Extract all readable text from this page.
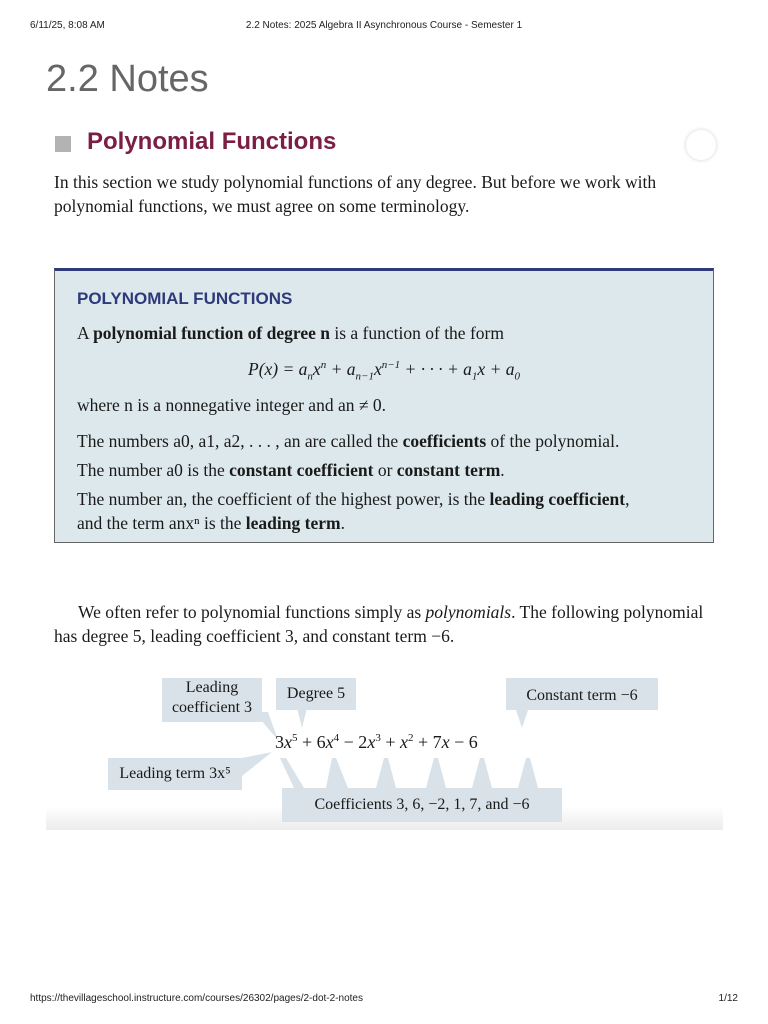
6/11/25, 8:08 AM	2.2 Notes: 2025 Algebra II Asynchronous Course - Semester 1
2.2 Notes
Polynomial Functions
In this section we study polynomial functions of any degree. But before we work with polynomial functions, we must agree on some terminology.
POLYNOMIAL FUNCTIONS
A polynomial function of degree n is a function of the form
$P(x) = a_nx^n + a_{n-1}x^{n-1}$ + · · · + $a_1x + a_0$
where n is a nonnegative integer and an ≠ 0.
The numbers a0, a1, a2, . . . , an are called the coefficients of the polynomial.
The number a0 is the constant coefficient or constant term.
The number an, the coefficient of the highest power, is the leading coefficient,
and the term anxⁿ is the leading term.
We often refer to polynomial functions simply as polynomials. The following polynomial has degree 5, leading coefficient 3, and constant term −6.
Leading
coefficient 3
Degree 5	Constant term −6
Leading term 3x⁵
$3x^5 + 6x^4 - 2x^3 + x^2 + 7x - 6$
Coefficients 3, 6, −2, 1, 7, and −6
https://thevillageschool.instructure.com/courses/26302/pages/2-dot-2-notes	1/12
